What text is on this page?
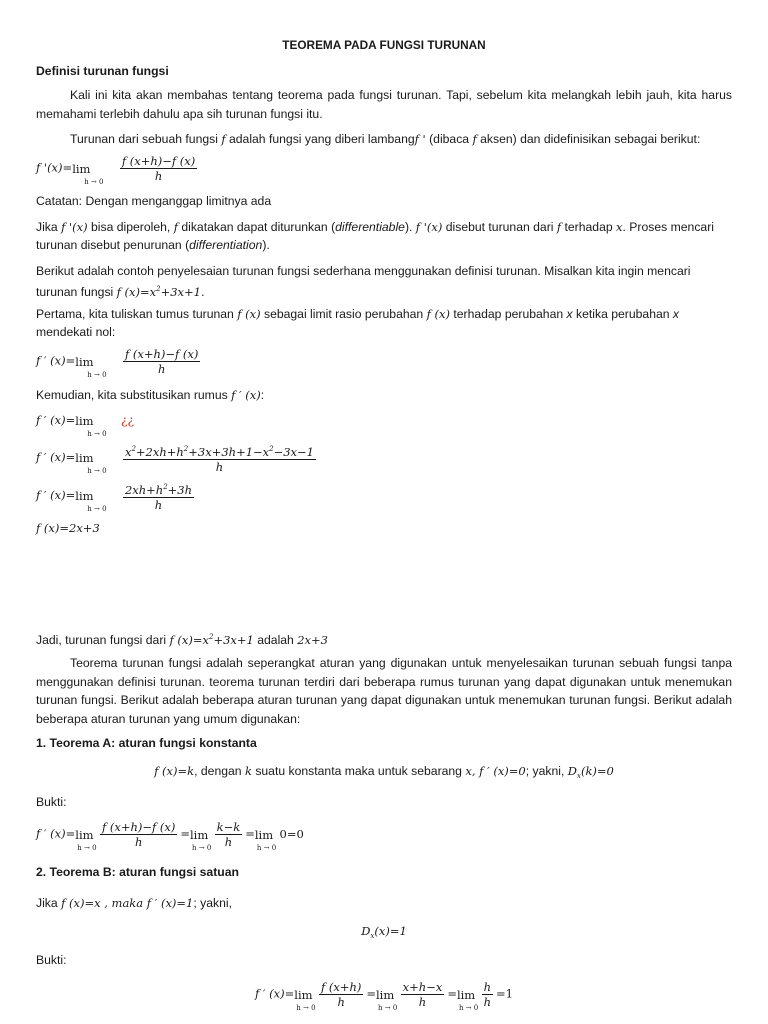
TEOREMA PADA FUNGSI TURUNAN
Definisi turunan fungsi
Kali ini kita akan membahas tentang teorema pada fungsi turunan. Tapi, sebelum kita melangkah lebih jauh, kita harus memahami terlebih dahulu apa sih turunan fungsi itu.
Turunan dari sebuah fungsi f adalah fungsi yang diberi lambangf ' (dibaca f aksen) dan didefinisikan sebagai berikut:
f '(x)=lim
h → 0
$\frac{f (x+h)-f (x)}{h}$
Catatan: Dengan menganggap limitnya ada
Jika f '(x) bisa diperoleh, f dikatakan dapat diturunkan (differentiable). f '(x) disebut turunan dari f terhadap x. Proses mencari
turunan disebut penurunan (differentiation).
Berikut adalah contoh penyelesaian turunan fungsi sederhana menggunakan definisi turunan. Misalkan kita ingin mencari
turunan fungsi f $(x)=x^2+3x+1$.
Pertama, kita tuliskan tumus turunan f (x) sebagai limit rasio perubahan f (x) terhadap perubahan x ketika perubahan x
mendekati nol:
f ′ (x)=lim
h → 0
$\frac{f (x+h)-f (x)}{h}$
Kemudian, kita substitusikan rumus f ′ (x):
f ′ (x)=lim
h → 0
¿¿
f ′ (x)=lim
h → 0
$\frac{x^2+2xh+h^2+3x+3h+1-x^2-3x-1}{h}$
f ′ (x)=lim
h → 0
$\frac{2xh+h^2+3h}{h}$
f (x)=2x+3
Jadi, turunan fungsi dari f $(x)=x^2+3x+1$ adalah 2x+3
Teorema turunan fungsi adalah seperangkat aturan yang digunakan untuk menyelesaikan turunan sebuah fungsi tanpa menggunakan definisi turunan. teorema turunan terdiri dari beberapa rumus turunan yang dapat digunakan untuk menemukan turunan fungsi. Berikut adalah beberapa aturan turunan yang dapat digunakan untuk menemukan turunan fungsi. Berikut adalah beberapa aturan turunan yang umum digunakan:
1. Teorema A: aturan fungsi konstanta
f (x)=k, dengan k suatu konstanta maka untuk sebarang x, f ′ (x)=0; yakni, $D_x(k)=0$
Bukti:
f ′ (x)=lim
h → 0
$\frac{f (x+h)-f (x)}{h} =\lim$
h → 0
$\frac{k-k}{h} =\lim$
h → 0
0=0
2. Teorema B: aturan fungsi satuan
Jika f (x)=x , maka f ′ (x)=1; yakni,
$D_x(x)=1$
Bukti:
f ′ (x)=lim
h → 0
$\frac{f (x+h)}{h} =\lim$
h → 0
$\frac{x+h-x}{h} =\lim$
h → 0
$\frac{h}{h} =1$
